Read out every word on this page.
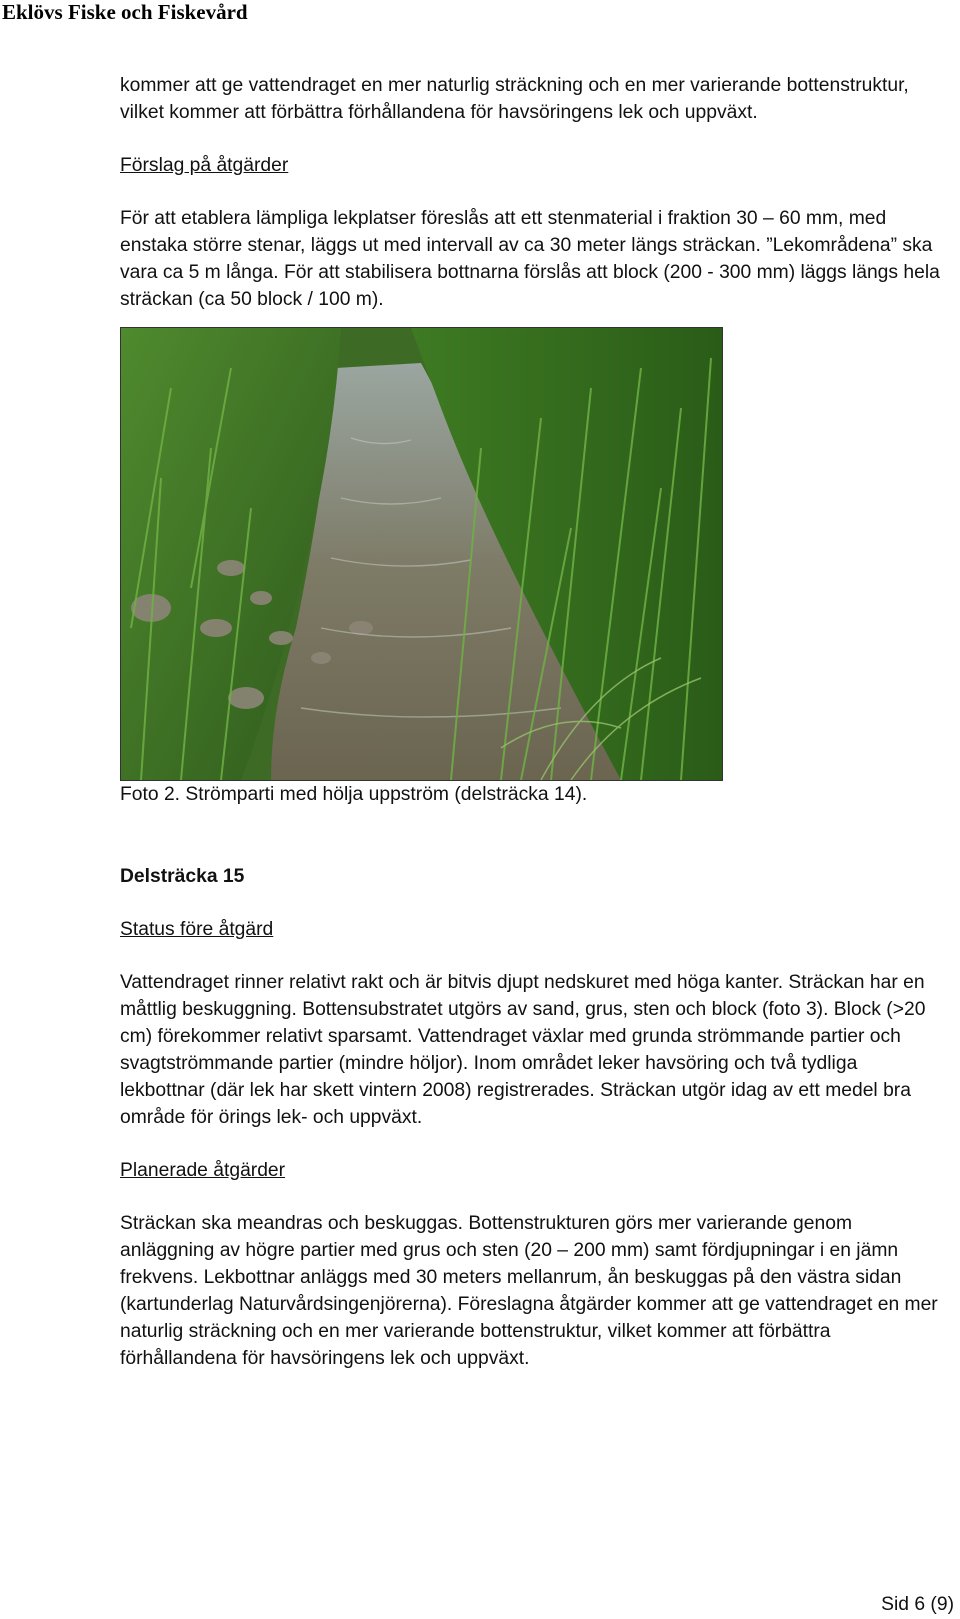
Eklövs Fiske och Fiskevård

kommer att ge vattendraget en mer naturlig sträckning och en mer varierande bottenstruktur, vilket kommer att förbättra förhållandena för havsöringens lek och uppväxt.

Förslag på åtgärder

För att etablera lämpliga lekplatser föreslås att ett stenmaterial i fraktion 30 – 60 mm, med enstaka större stenar, läggs ut med intervall av ca 30 meter längs sträckan. ”Lekområdena” ska vara ca 5 m långa. För att stabilisera bottnarna förslås att block (200 - 300 mm) läggs längs hela sträckan (ca 50 block / 100 m).

Foto 2. Strömparti med hölja uppström (delsträcka 14).

Delsträcka 15

Status före åtgärd

Vattendraget rinner relativt rakt och är bitvis djupt nedskuret med höga kanter. Sträckan har en måttlig beskuggning. Bottensubstratet utgörs av sand, grus, sten och block (foto 3). Block (>20 cm) förekommer relativt sparsamt. Vattendraget växlar med grunda strömmande partier och svagtströmmande partier (mindre höljor). Inom området leker havsöring och två tydliga lekbottnar (där lek har skett vintern 2008) registrerades. Sträckan utgör idag av ett medel bra område för örings lek- och uppväxt.

Planerade åtgärder

Sträckan ska meandras och beskuggas. Bottenstrukturen görs mer varierande genom anläggning av högre partier med grus och sten (20 – 200 mm) samt fördjupningar i en jämn frekvens. Lekbottnar anläggs med 30 meters mellanrum, ån beskuggas på den västra sidan (kartunderlag Naturvårdsingenjörerna). Föreslagna åtgärder kommer att ge vattendraget en mer naturlig sträckning och en mer varierande bottenstruktur, vilket kommer att förbättra förhållandena för havsöringens lek och uppväxt.

Sid 6 (9)
